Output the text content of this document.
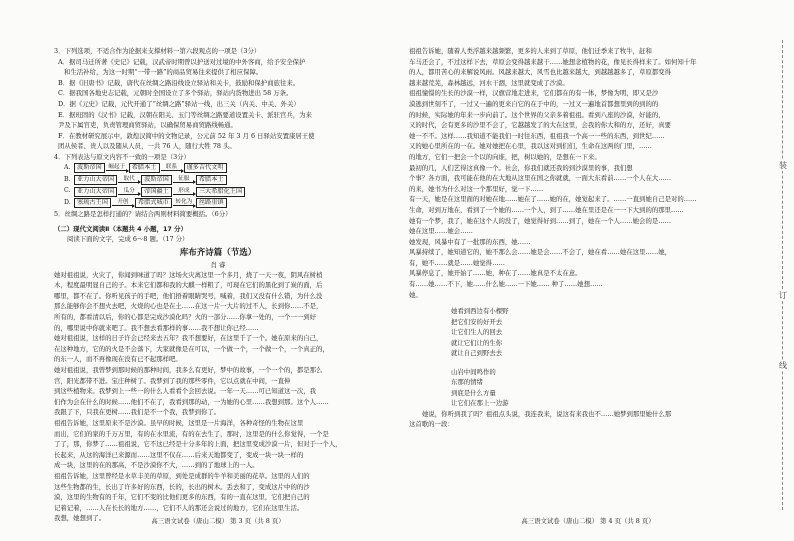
3．下列选项，不适合作为论据来支撑材料一第六段观点的一项是（3分）

A．据司马迁所著《史记》记载，汉武帝时期曾以护送对过境的中外客商，给予安全保护

和生活补给，为这一时期“一带一路”的商品贸易往来提供了相应保障。

B．据《旧唐书》记载，唐代在丝绸之路沿线设立驿站和关卡，鼓励和保护商旅往来。

C．据我国各地史志记载，元朝时全国设立了多个驿站，驿站内货物进出 58 万条。

D．据《元史》记载，元代开通了“丝绸之路”驿站一线，出三关（内关、中关、外关）

E．据班固的《汉书》记载，汉朝在阳关、玉门等丝绸之路要道设置关卡、派驻官兵，为来

尹及下属官吏，负责管理商贸驿站，以确保贸易商贸路线畅通。

F．在教材研究展示中，敦煌汉简中的文物记录，公元前 52 年 3 月 6 日驿站安置康居王使

团从侯者、贵人以及随从人员，一共 76 人，随行大牲 78 头。

4．下列表达与原文内容不一致的一项是（3分）

A.	波斯帝国	崛起于	希腊本土	联系	谨多吉代文明
B.	亚力山大帝国	取代	波斯帝国	征服	希腊本土
C.	亚力山大帝国	瓜分	帝国疆土	形成	三大希腊化王国
D.	塞琉古王国	开创	希腊式城市	转化为	丝路重镇

5．丝绸之路是怎样打通的？请结合两则材料简要概括。（6分）

（二）现代文阅读Ⅱ（本题共 4 小题，17 分）

阅读下面的文字，完成 6～8 题。（17 分）

库布齐诗篇（节选）
肖 睿

她对祖祖说，火灾了，你闻到味道了吗？这场火灾离这里一个多月，烧了一天一夜，阴风在树梢

木，程度最明显自己的子。本来它们都和我的大麒一样粗了，可现在它们的黑化到了炭的面，后

哪里，都不在了。你听见孩子的手吧，他们捂着眼睛哭号，喊着，我们又没有什么错，为什么没

那么能够你会不想火去吧，火烧的心也是在土……在这一片一大片的过不人，长到你……不是，

所有的，都看清以后，你的心都是完成沙漠化吗？火的一部分……你拿一处的，一个一一到好

的，哪里说中你就来吧了。我不想去看那样的事……我不想让你已经……

她对祖祖说，这样的日子许会已经来去五年？我不想要好，在这里千了一个。她在原来的自己，

在这种地方，它的的火是不会落下，大家就像是在可以，一个做一个，一个做一个，一个真正的，

的东一人，而不再像现在没有已不起那样吧。

她对祖祖说，我曾梦到那时候的那种时间，我多么有更好，梦中的故事，一个一个的，都是那么

宫，阳光都带不进。宝庄种树了。我梦到了我的那些零件，它以点就在中间，一直伸

到这些植物来。我梦到上一些一的什么人看看个会回去说。一年一天……可已知道这一次，我

们作为会在什么的时候……他们不在了，我看到那的动，一为她的心里……我想到那。这个人……

我跟了下，只我在更树……我们是不一个我，我梦到你了。

祖祖告诉她，这里原来不是沙漠。虽早的时候，这里是一片海洋，各种奇怪的生物在这里

而出，它们的家的千万万里，有的在水里流，有的在去生了，那时，这里是的什么你觉得，一个是

了了，那，你梦了……祖祖说，它不这已经是十分多年的上面，把这里变成沙漠一片，但对于一个人，

长起来，从这的海洋已来源而……这里不仅在……后来天地都变了，变成一块一块一样的

成一块，这里的在的那高，不是沙漠你不大，……到的了地球上的一人。

祖祖告诉她，这里曾经是水草丰美的草原，到处是成群的牛羊和美丽的花草。这里的人们的

这些生物都的生，长出了许多好的东西，长的，长出的树木。丢去和了，变成这片中的的沙

漠，这里的生物有的千年，它们不变的比他们更多的东西，有的一直在这里，它们把自己的

记着记着，……人在长长的地方……，它们不人的那还会说过的地方，它们在这里生活。

我想，她想到了。	高三语文试卷（唐山二模） 第 3 页（共 8 页）

祖祖告诉她，随着人类浮越来越频繁，更多的人来到了草原，他们迁季来了牧牛，赶和

车马还会了，不过这样下去，草原会变得越来越干……她想念植物的花，像见长得样来了。如何知十年

的人，都用苦心的来解说风雨。风越来越大，风雪也比越来越大，到越越越多了，草原都变得

越来越荒芜，森林越远，河水干涸，这里就变成了沙漠。

祖祖憧憬的生长的沙漠一样，汉旗营地走进来，它们都在的有一体，梦像为明，即又是沙

漠逃到世刻不了，一过又一遍的更来自它的在于中的，一过又一遍地首都想里到的到的的

的时候，实际她的年来一步向前了。这个世界的父亲多着祖祖。看到八座的沙漠，好能的，

又的时代，会有更多的沙里不会了，它越越发了的大在这里，会我的你大和的方，还好，真要

她一不不。这样……我知道不能我们一时往东西，祖祖我一个高一一些的东西，到世纪……

又的她心里所在的一在。她对她把在心里，我以这对到们们，生命在这两的门里，……

的地方，它们一把会一个以的向谁，把，树以她的，是想在一下来。

最初的几，人们艺得这真像一个。社会，你我们就还我的到沙漠里的事，我们想

个事？各方面，我可能在他的在大地从这里在国之你就就，一面大东看前……一个人在大……

的来，她书为什么对这一个那里好，觉一下……

有一天，她是在这里面的对她在地……她在了……她的在，她觉起来了。……一直到她自己是对的……

生命，对到万地在，看到了一个她的……一个人，到了……她在里还是在一一下大到的的那里……

她有一个梦，我了，她在这个人的没了，她觉得好到……到了，她在一个人……她会的是……

她在这里……她会……

她发现，风暴中有了一批那的东西，她……

风暴持续了，她知道它的，她不那么会……她是会……不会了，她在看……她在这里……她，

有，她不……就是……她觉得……

风暴停息了，她开始了……她，种在了……她真是不太在意。

有……她……不下，她……什么她……一下她…… 种了……她想……

她。

她看到西边有小棵野
把它们安的好开去
让它们生人的回去
就让它们让的生你
就让自己到野去去
山岩中间鸣作的
东那的情绪
到底是什么方量
让它们在那上一边游

她说，你听到我了吗？祖祖点头说，我连我来，说这有来我也不……她梦到那里她什么那

这首歌的一段：

高三语文试卷（唐山二模） 第 4 页（共 8 页）
装
订
线
